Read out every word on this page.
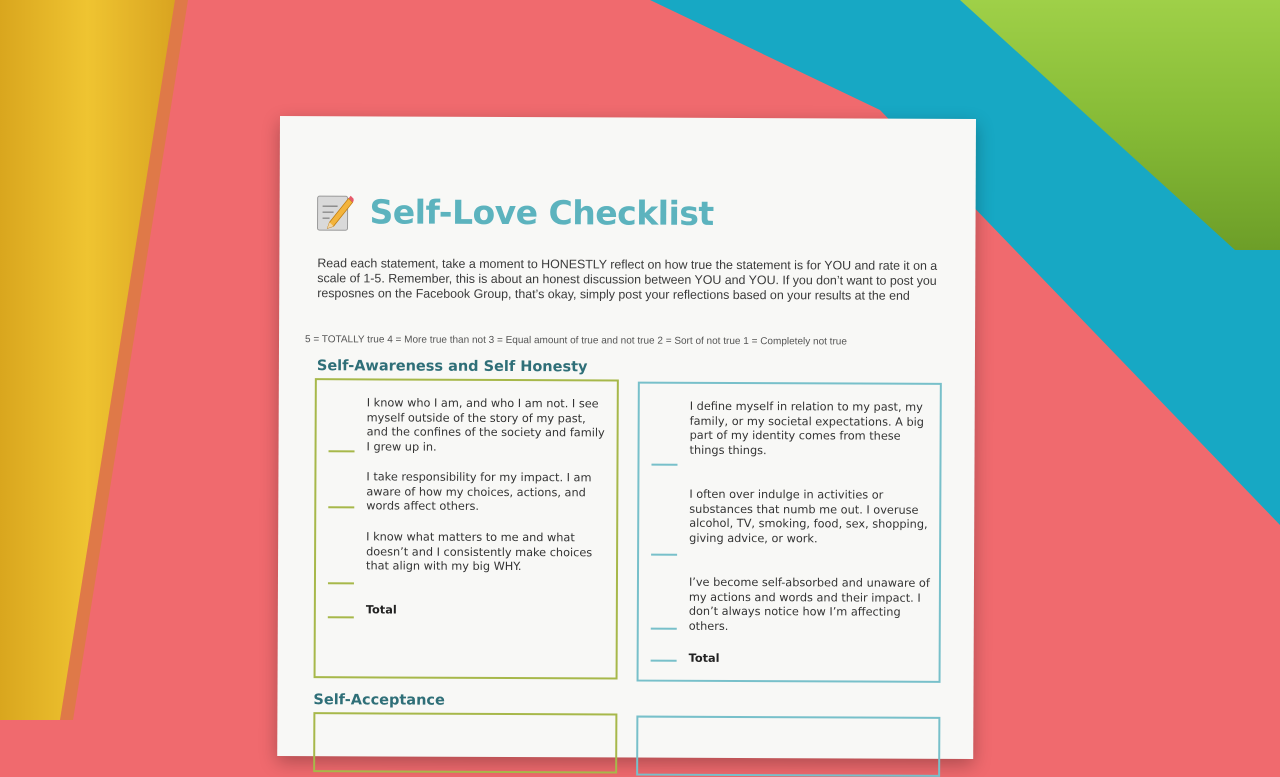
Self-Love Checklist

Read each statement, take a moment to HONESTLY reflect on how true the statement is for YOU and rate it on a scale of 1-5. Remember, this is about an honest discussion between YOU and YOU. If you don’t want to post you resposnes on the Facebook Group, that’s okay, simply post your reflections based on your results at the end

5 = TOTALLY true 4 = More true than not 3 = Equal amount of true and not true 2 = Sort of not true 1 = Completely not true
Self-Awareness and Self Honesty

I know who I am, and who I am not. I see myself outside of the story of my past, and the confines of the society and family I grew up in.

I take responsibility for my impact. I am aware of how my choices, actions, and words affect others.

I know what matters to me and what doesn’t and I consistently make choices that align with my big WHY.

Total

I define myself in relation to my past, my family, or my societal expectations. A big part of my identity comes from these things things.

I often over indulge in activities or substances that numb me out. I overuse alcohol, TV, smoking, food, sex, shopping, giving advice, or work.

I’ve become self-absorbed and unaware of my actions and words and their impact. I don’t always notice how I’m affecting others.

Total
Self-Acceptance
